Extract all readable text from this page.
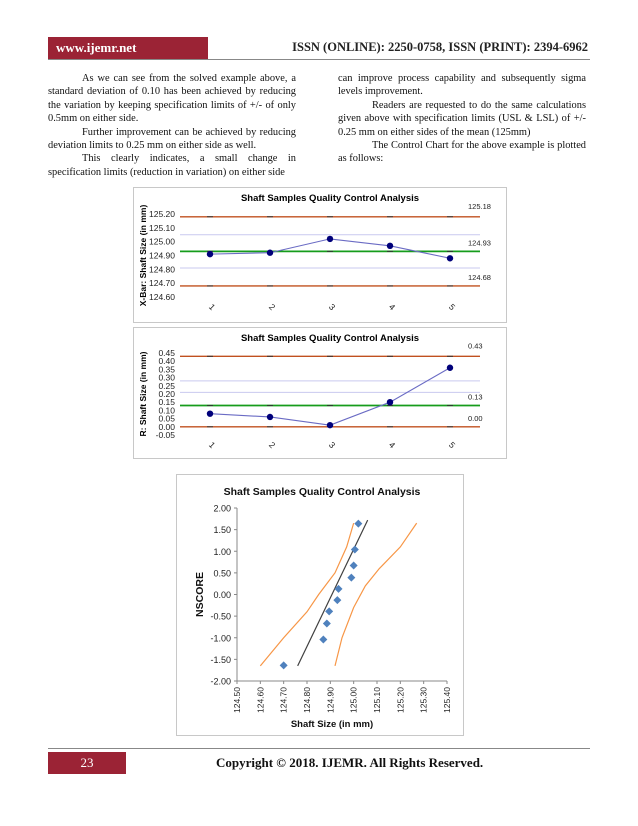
www.ijemr.net	ISSN (ONLINE): 2250-0758, ISSN (PRINT): 2394-6962

As we can see from the solved example above, a standard deviation of 0.10 has been achieved by reducing the variation by keeping specification limits of +/- of only 0.5mm on either side.

Further improvement can be achieved by reducing deviation limits to 0.25 mm on either side as well.

This clearly indicates, a small change in specification limits (reduction in variation) on either side

can improve process capability and subsequently sigma levels improvement.

Readers are requested to do the same calculations given above with specification limits (USL & LSL) of +/- 0.25 mm on either sides of the mean (125mm)

The Control Chart for the above example is plotted as follows:

Shaft Samples Quality Control Analysis
X-Bar: Shaft Size (in mm) 125.20
125.10
125.00
124.90
124.80
124.70
124.60
125.18
124.93
124.68
1	2	3	4	5
Shaft Samples Quality Control Analysis
R: Shaft Size (in mm) 0.45
0.40
0.35
0.30
0.25
0.20
0.15
0.10
0.05
0.00
-0.05
0.43
0.13
0.00
1	2	3	4	5
Shaft Samples Quality Control Analysis
NSCORE
Shaft Size (in mm)
2.00
1.50
1.00
0.50
0.00
-0.50
-1.00
-1.50
-2.00
124.50 124.60 124.70 124.80 124.90 125.00 125.10 125.20 125.30 125.40
23	Copyright © 2018. IJEMR. All Rights Reserved.
